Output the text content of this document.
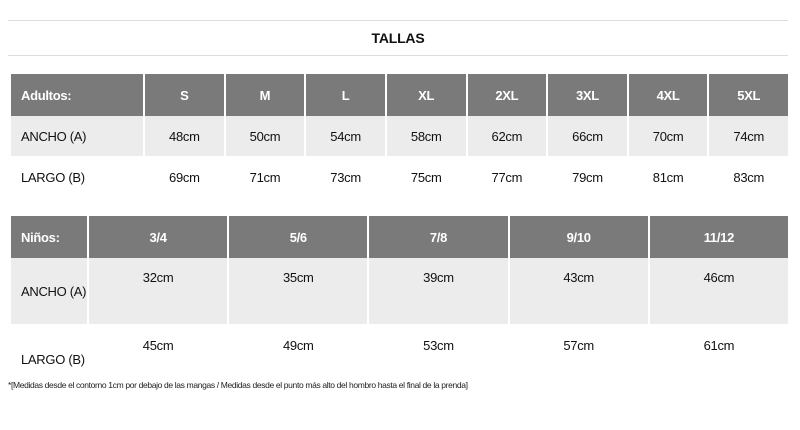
TALLAS
Adultos:	S	M	L	XL	2XL	3XL	4XL	5XL
ANCHO (A)	48cm	50cm	54cm	58cm	62cm	66cm	70cm	74cm
LARGO (B)	69cm	71cm	73cm	75cm	77cm	79cm	81cm	83cm
Niños:	3/4	5/6	7/8	9/10	11/12
ANCHO (A)	32cm	35cm	39cm	43cm	46cm
LARGO (B)	45cm	49cm	53cm	57cm	61cm
*[Medidas desde el contorno 1cm por debajo de las mangas / Medidas desde el punto más alto del hombro hasta el final de la prenda]
